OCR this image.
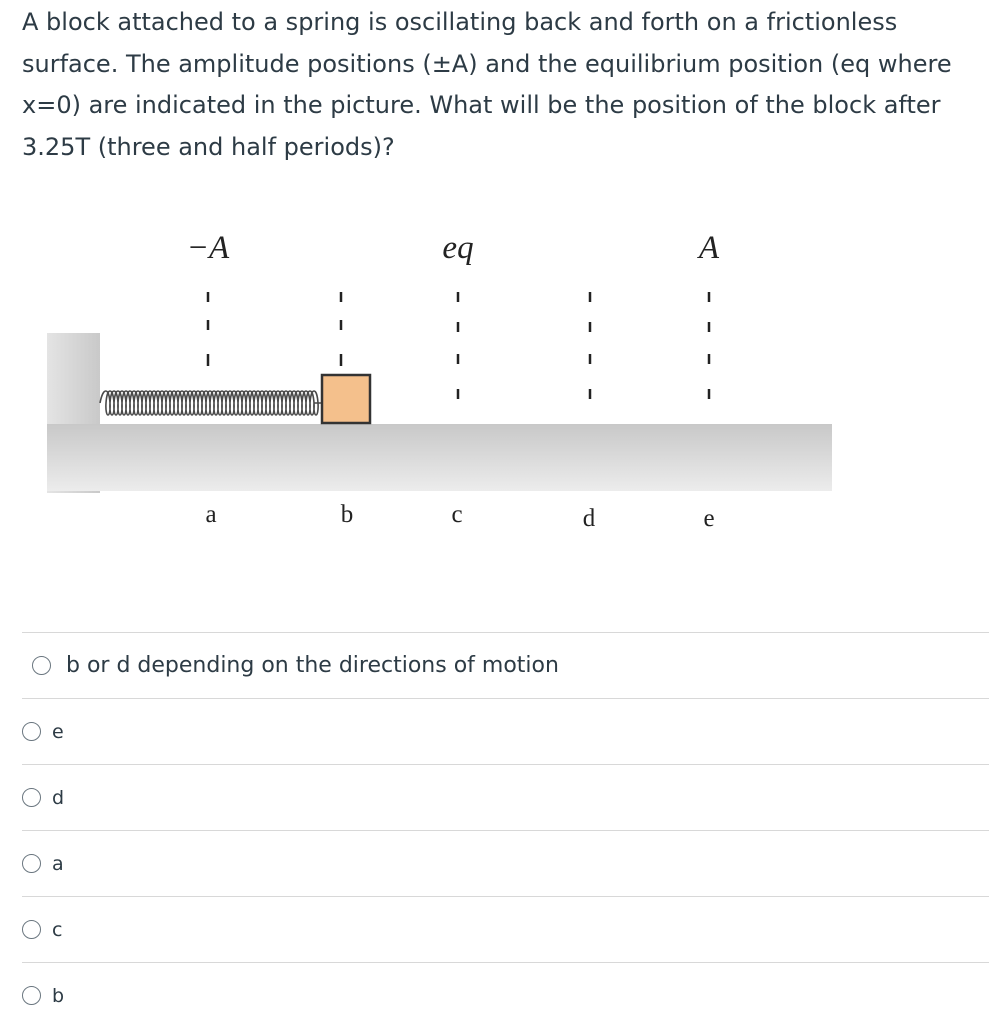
A block attached to a spring is oscillating back and forth on a frictionless surface. The amplitude positions (±A) and the equilibrium position (eq where x=0) are indicated in the picture. What will be the position of the block after 3.25T (three and half periods)?
−A	eq	A
a	b	c	d	e
b or d depending on the directions of motion
e
d
a
c
b
